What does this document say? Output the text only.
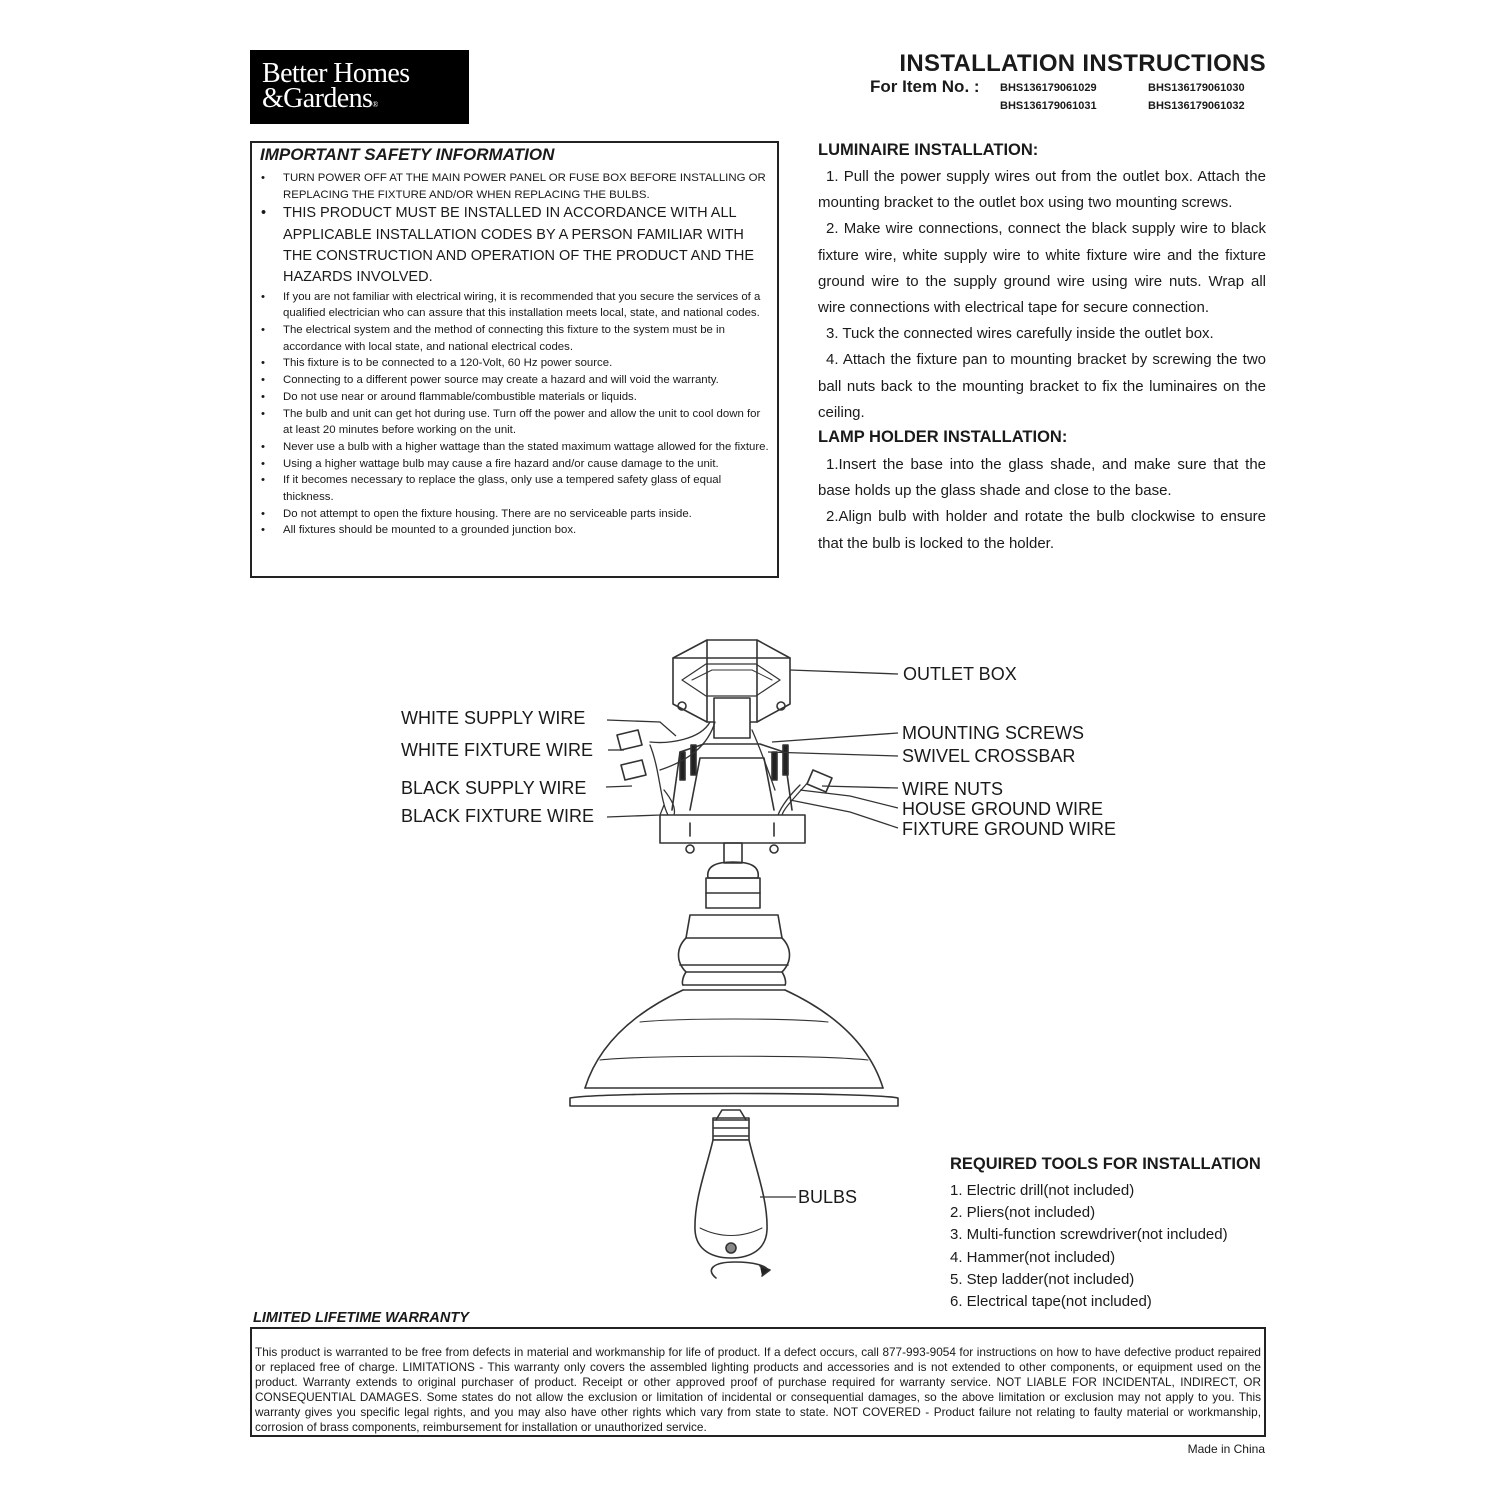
Better Homes
&Gardens®
INSTALLATION INSTRUCTIONS
For Item No. : BHS136179061029	BHS136179061030
BHS136179061031	BHS136179061032
IMPORTANT SAFETY INFORMATION
• TURN POWER OFF AT THE MAIN POWER PANEL OR FUSE BOX BEFORE INSTALLING OR REPLACING THE FIXTURE AND/OR WHEN REPLACING THE BULBS.
• THIS PRODUCT MUST BE INSTALLED IN ACCORDANCE WITH ALL APPLICABLE INSTALLATION CODES BY A PERSON FAMILIAR WITH THE CONSTRUCTION AND OPERATION OF THE PRODUCT AND THE HAZARDS INVOLVED.
• If you are not familiar with electrical wiring, it is recommended that you secure the services of a qualified electrician who can assure that this installation meets local, state, and national codes.
• The electrical system and the method of connecting this fixture to the system must be in accordance with local state, and national electrical codes.
• This fixture is to be connected to a 120-Volt, 60 Hz power source.
• Connecting to a different power source may create a hazard and will void the warranty.
• Do not use near or around flammable/combustible materials or liquids.
• The bulb and unit can get hot during use. Turn off the power and allow the unit to cool down for at least 20 minutes before working on the unit.
• Never use a bulb with a higher wattage than the stated maximum wattage allowed for the fixture.
• Using a higher wattage bulb may cause a fire hazard and/or cause damage to the unit.
• If it becomes necessary to replace the glass, only use a tempered safety glass of equal thickness.
• Do not attempt to open the fixture housing. There are no serviceable parts inside.
• All fixtures should be mounted to a grounded junction box.
LUMINAIRE INSTALLATION:

1. Pull the power supply wires out from the outlet box. Attach the mounting bracket to the outlet box using two mounting screws.

2. Make wire connections, connect the black supply wire to black fixture wire, white supply wire to white fixture wire and the fixture ground wire to the supply ground wire using wire nuts. Wrap all wire connections with electrical tape for secure connection.

3. Tuck the connected wires carefully inside the outlet box.

4. Attach the fixture pan to mounting bracket by screwing the two ball nuts back to the mounting bracket to fix the luminaires on the ceiling.

LAMP HOLDER INSTALLATION:

1.Insert the base into the glass shade, and make sure that the base holds up the glass shade and close to the base.

2.Align bulb with holder and rotate the bulb clockwise to ensure that the bulb is locked to the holder.

OUTLET BOX
WHITE SUPPLY WIRE
WHITE FIXTURE WIRE
BLACK SUPPLY WIRE
BLACK FIXTURE WIRE
MOUNTING SCREWS
SWIVEL CROSSBAR
WIRE NUTS
HOUSE GROUND WIRE
FIXTURE GROUND WIRE
BULBS
REQUIRED TOOLS FOR INSTALLATION
1. Electric drill(not included)
2. Pliers(not included)
3. Multi-function screwdriver(not included)
4. Hammer(not included)
5. Step ladder(not included)
6. Electrical tape(not included)
LIMITED LIFETIME WARRANTY
This product is warranted to be free from defects in material and workmanship for life of product. If a defect occurs, call 877-993-9054 for instructions on how to have defective product repaired or replaced free of charge. LIMITATIONS - This warranty only covers the assembled lighting products and accessories and is not extended to other components, or equipment used on the product. Warranty extends to original purchaser of product. Receipt or other approved proof of purchase required for warranty service. NOT LIABLE FOR INCIDENTAL, INDIRECT, OR CONSEQUENTIAL DAMAGES. Some states do not allow the exclusion or limitation of incidental or consequential damages, so the above limitation or exclusion may not apply to you. This warranty gives you specific legal rights, and you may also have other rights which vary from state to state. NOT COVERED - Product failure not relating to faulty material or workmanship, corrosion of brass components, reimbursement for installation or unauthorized service.
Made in China
